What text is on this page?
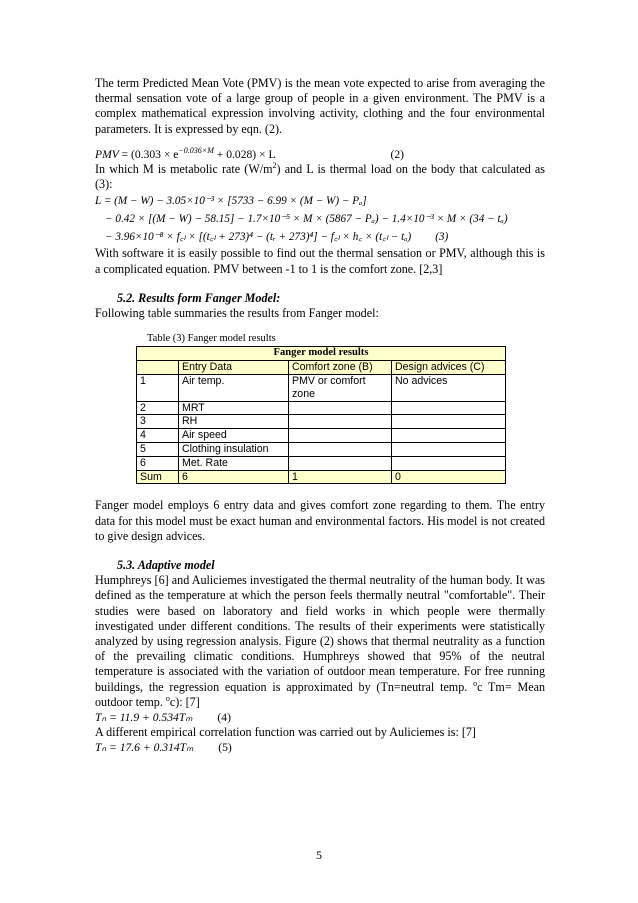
The term Predicted Mean Vote (PMV) is the mean vote expected to arise from averaging the thermal sensation vote of a large group of people in a given environment. The PMV is a complex mathematical expression involving activity, clothing and the four environmental parameters. It is expressed by eqn. (2).

PMV = $(0.303 \times e^{-0.036\times M} + 0.028) \times L$	(2)

In which M is metabolic rate $(W/m^2)$ and L is thermal load on the body that calculated as (3):

L = (M − W) − 3.05×10⁻³ × [5733 − 6.99 × (M − W) − Pₐ]
− 0.42 × [(M − W) − 58.15] − 1.7×10⁻⁵ × M × (5867 − Pₐ) − 1.4×10⁻³ × M × (34 − tₐ)
− 3.96×10⁻⁸ × f꜀ₗ × [(t꜀ₗ + 273)⁴ − (tᵣ + 273)⁴] − f꜀ₗ × h꜀ × (t꜀ₗ − tₐ) (3)

With software it is easily possible to find out the thermal sensation or PMV, although this is a complicated equation. PMV between -1 to 1 is the comfort zone. [2,3]

5.2. Results form Fanger Model:

Following table summaries the results from Fanger model:

Table (3) Fanger model results
Fanger model results			
	Entry Data	Comfort zone (B)	Design advices (C)
1	Air temp.	PMV or comfort zone	No advices
2	MRT		
3	RH		
4	Air speed		
5	Clothing insulation		
6	Met. Rate		
Sum	6	1	0

Fanger model employs 6 entry data and gives comfort zone regarding to them. The entry data for this model must be exact human and environmental factors. His model is not created to give design advices.

5.3. Adaptive model

Humphreys [6] and Auliciemes investigated the thermal neutrality of the human body. It was defined as the temperature at which the person feels thermally neutral "comfortable". Their studies were based on laboratory and field works in which people were thermally investigated under different conditions. The results of their experiments were statistically analyzed by using regression analysis. Figure (2) shows that thermal neutrality as a function of the prevailing climatic conditions. Humphreys showed that 95% of the neutral temperature is associated with the variation of outdoor mean temperature. For free running buildings, the regression equation is approximated by (Tn=neutral temp. $^o$c Tm= Mean outdoor temp. $^o$c): [7]

Tₙ = 11.9 + 0.534Tₘ (4)

A different empirical correlation function was carried out by Auliciemes is: [7]

Tₙ = 17.6 + 0.314Tₘ (5)
5
